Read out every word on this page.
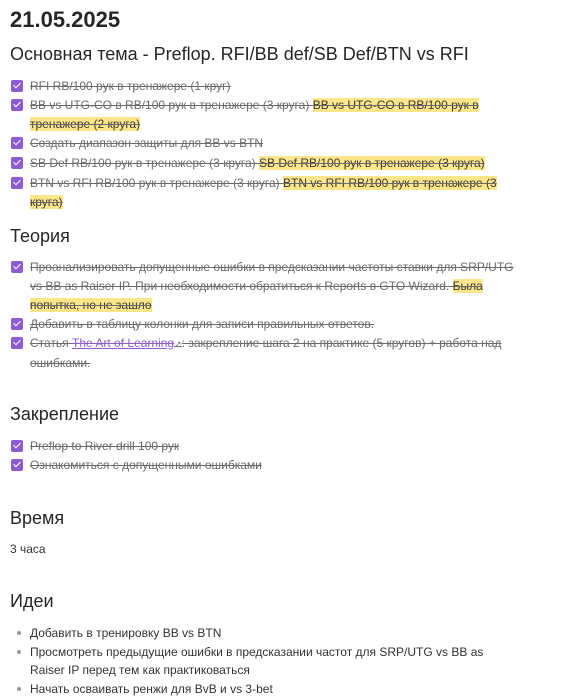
21.05.2025
Основная тема - Preflop. RFI/BB def/SB Def/BTN vs RFI
RFI RB/100 рук в тренажере (1 круг)
BB vs UTG-CO в RB/100 рук в тренажере (3 круга) BB vs UTG-CO в RB/100 рук в тренажере (2 круга)
Создать диапазон защиты для BB vs BTN
SB Def RB/100 рук в тренажере (3 круга) SB Def RB/100 рук в тренажере (3 круга)
BTN vs RFI RB/100 рук в тренажере (3 круга) BTN vs RFI RB/100 рук в тренажере (3 круга)
Теория
Проанализировать допущенные ошибки в предсказании частоты ставки для SRP/UTG vs BB as Raiser IP. При необходимости обратиться к Reports в GTO Wizard. Была попытка, но не зашло
Добавить в таблицу колонки для записи правильных ответов.
Статья The Art of Learning↗: закрепление шага 2 на практике (5 кругов) + работа над ошибками.
Закрепление
Preflop to River drill 100 рук
Ознакомиться с допущенными ошибками
Время
3 часа
Идеи
Добавить в тренировку BB vs BTN
Просмотреть предыдущие ошибки в предсказании частот для SRP/UTG vs BB as Raiser IP перед тем как практиковаться
Начать осваивать ренжи для BvB и vs 3-bet
